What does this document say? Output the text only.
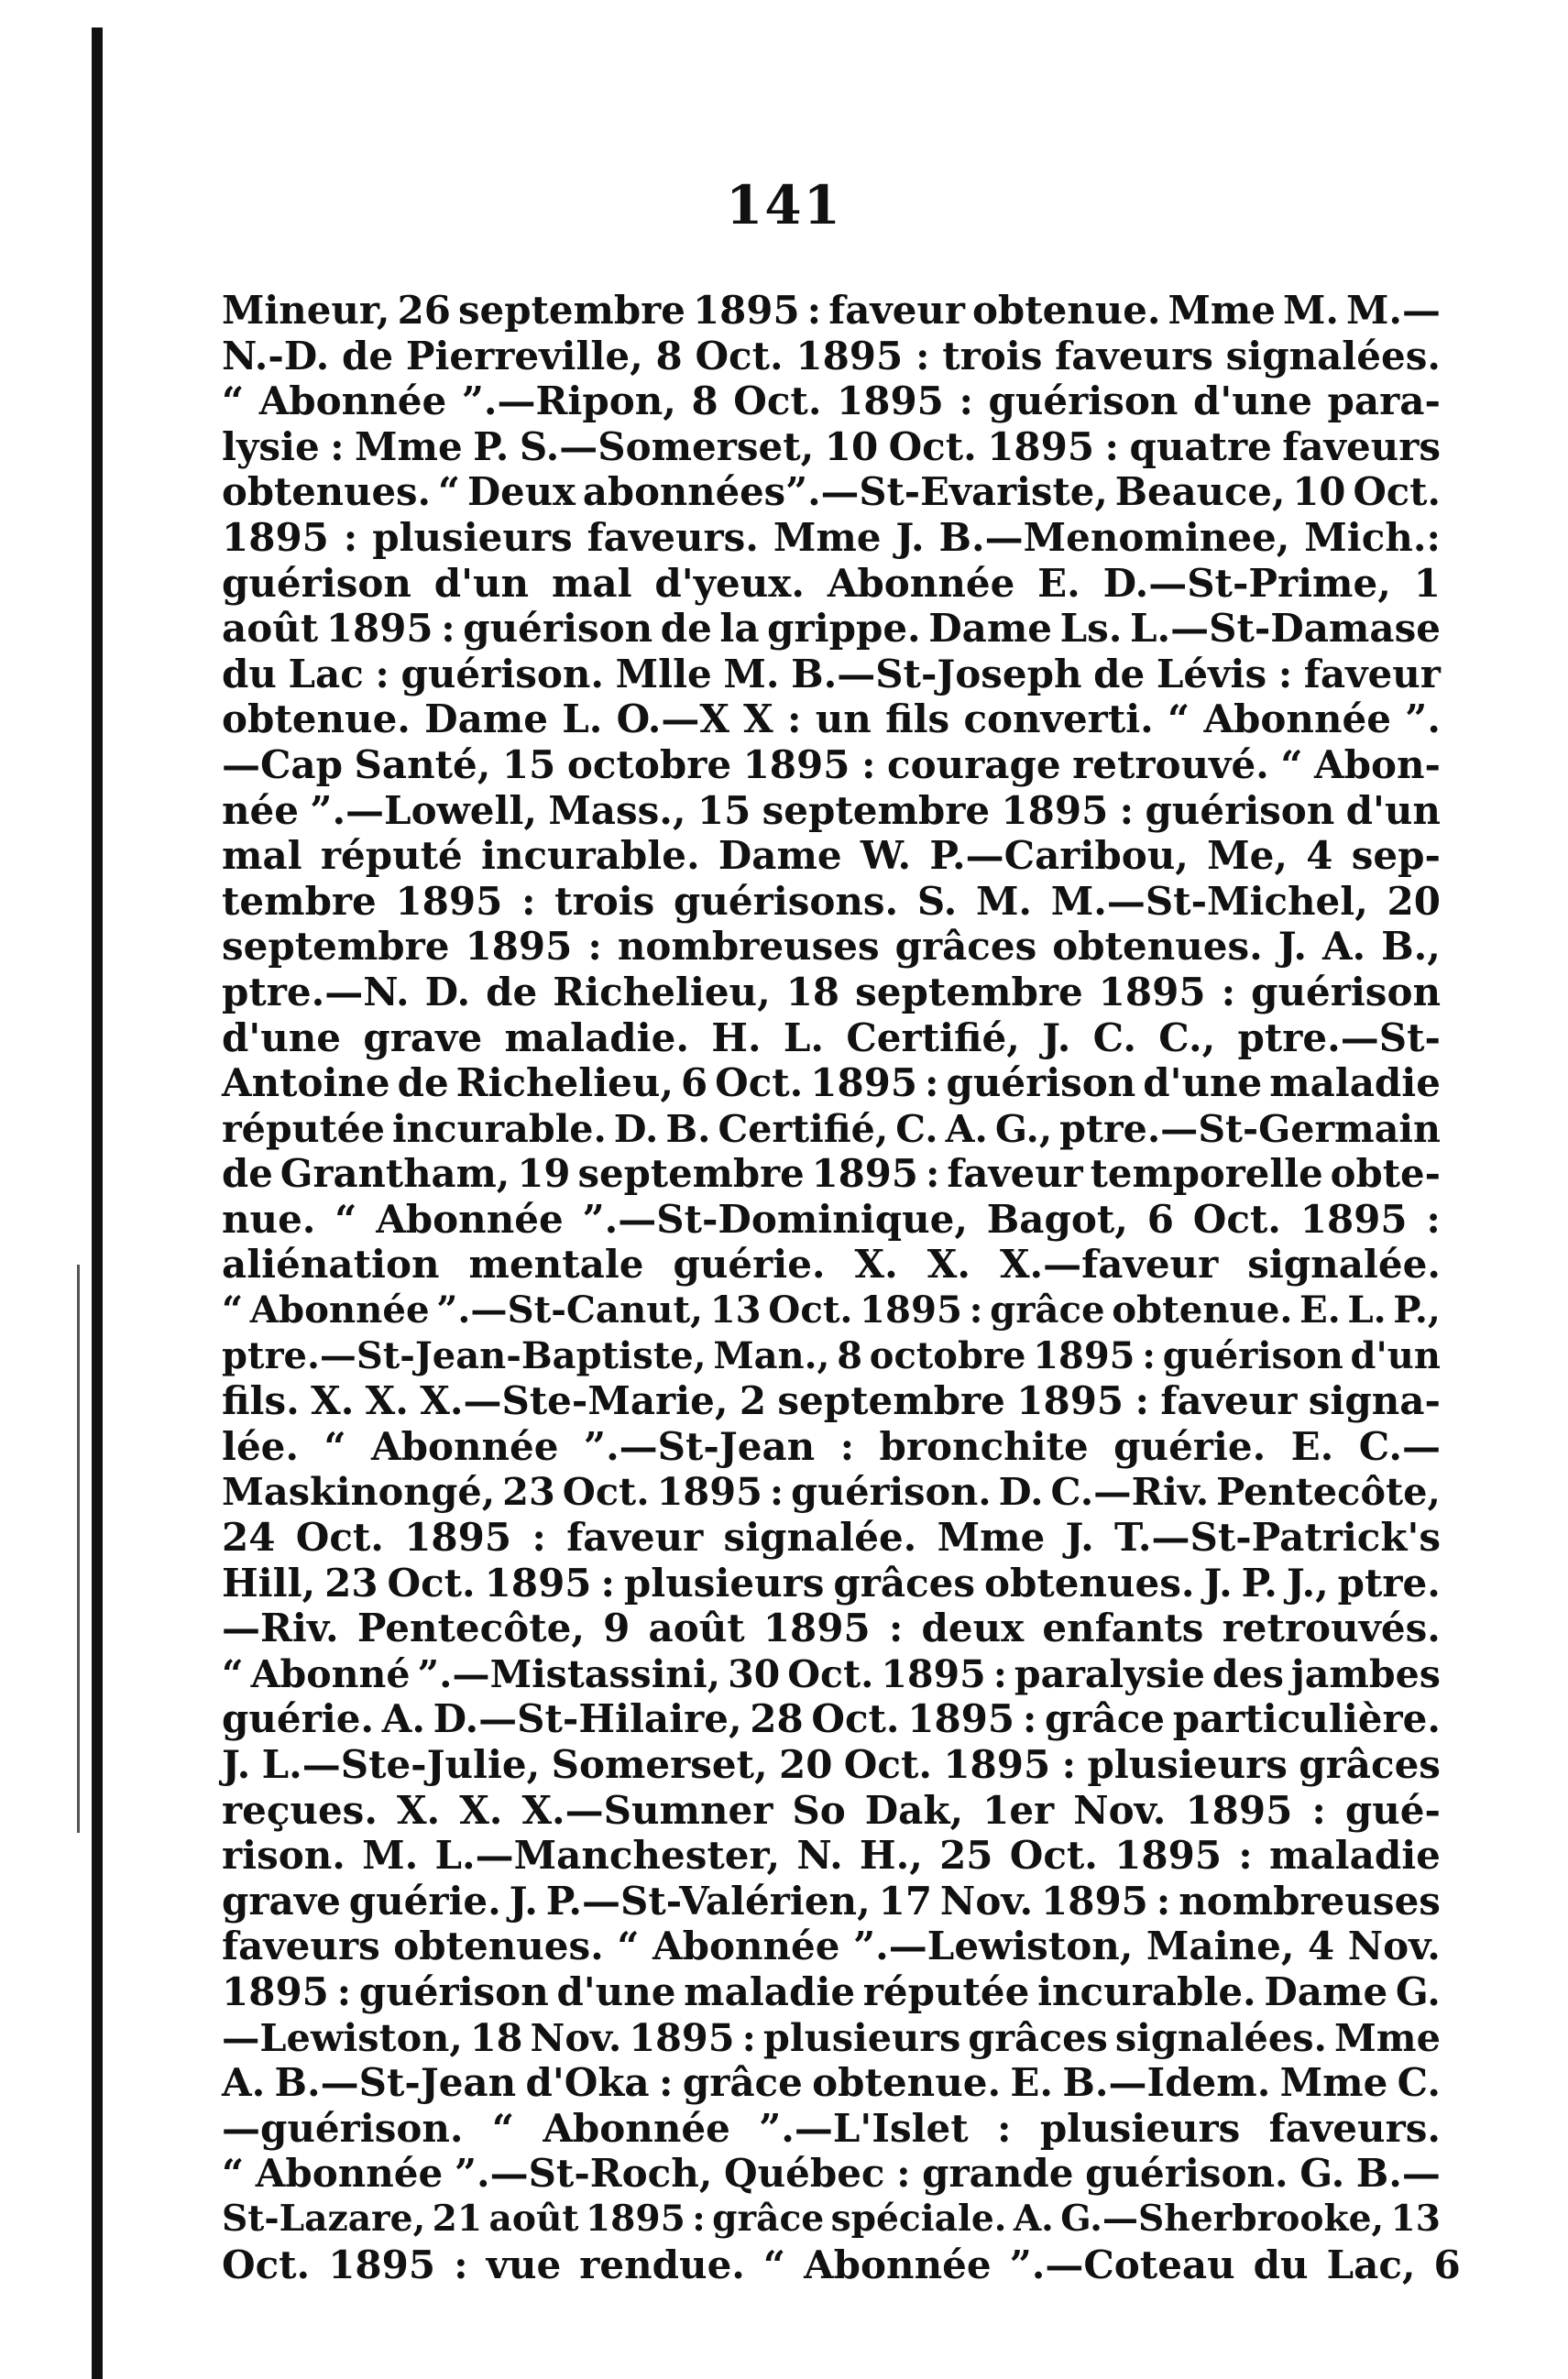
141
Mineur, 26 septembre 1895 : faveur obtenue. Mme M. M.—
N.-D. de Pierreville, 8 Oct. 1895 : trois faveurs signalées.
“ Abonnée ”.—Ripon, 8 Oct. 1895 : guérison d'une para-
lysie : Mme P. S.—Somerset, 10 Oct. 1895 : quatre faveurs
obtenues. “ Deux abonnées”.—St-Evariste, Beauce, 10 Oct.
1895 : plusieurs faveurs. Mme J. B.—Menominee, Mich.:
guérison d'un mal d'yeux. Abonnée E. D.—St-Prime, 1
août 1895 : guérison de la grippe. Dame Ls. L.—St-Damase
du Lac : guérison. Mlle M. B.—St-Joseph de Lévis : faveur
obtenue. Dame L. O.—X X : un fils converti. “ Abonnée ”.
—Cap Santé, 15 octobre 1895 : courage retrouvé. “ Abon-
née ”.—Lowell, Mass., 15 septembre 1895 : guérison d'un
mal réputé incurable. Dame W. P.—Caribou, Me, 4 sep-
tembre 1895 : trois guérisons. S. M. M.—St-Michel, 20
septembre 1895 : nombreuses grâces obtenues. J. A. B.,
ptre.—N. D. de Richelieu, 18 septembre 1895 : guérison
d'une grave maladie. H. L. Certifié, J. C. C., ptre.—St-
Antoine de Richelieu, 6 Oct. 1895 : guérison d'une maladie
réputée incurable. D. B. Certifié, C. A. G., ptre.—St-Germain
de Grantham, 19 septembre 1895 : faveur temporelle obte-
nue. “ Abonnée ”.—St-Dominique, Bagot, 6 Oct. 1895 :
aliénation mentale guérie. X. X. X.—faveur signalée.
“ Abonnée ”.—St-Canut, 13 Oct. 1895 : grâce obtenue. E. L. P.,
ptre.—St-Jean-Baptiste, Man., 8 octobre 1895 : guérison d'un
fils. X. X. X.—Ste-Marie, 2 septembre 1895 : faveur signa-
lée. “ Abonnée ”.—St-Jean : bronchite guérie. E. C.—
Maskinongé, 23 Oct. 1895 : guérison. D. C.—Riv. Pentecôte,
24 Oct. 1895 : faveur signalée. Mme J. T.—St-Patrick's
Hill, 23 Oct. 1895 : plusieurs grâces obtenues. J. P. J., ptre.
—Riv. Pentecôte, 9 août 1895 : deux enfants retrouvés.
“ Abonné ”.—Mistassini, 30 Oct. 1895 : paralysie des jambes
guérie. A. D.—St-Hilaire, 28 Oct. 1895 : grâce particulière.
J. L.—Ste-Julie, Somerset, 20 Oct. 1895 : plusieurs grâces
reçues. X. X. X.—Sumner So Dak, 1er Nov. 1895 : gué-
rison. M. L.—Manchester, N. H., 25 Oct. 1895 : maladie
grave guérie. J. P.—St-Valérien, 17 Nov. 1895 : nombreuses
faveurs obtenues. “ Abonnée ”.—Lewiston, Maine, 4 Nov.
1895 : guérison d'une maladie réputée incurable. Dame G.
—Lewiston, 18 Nov. 1895 : plusieurs grâces signalées. Mme
A. B.—St-Jean d'Oka : grâce obtenue. E. B.—Idem. Mme C.
—guérison. “ Abonnée ”.—L'Islet : plusieurs faveurs.
“ Abonnée ”.—St-Roch, Québec : grande guérison. G. B.—
St-Lazare, 21 août 1895 : grâce spéciale. A. G.—Sherbrooke, 13
Oct. 1895 : vue rendue. “ Abonnée ”.—Coteau du Lac, 6
